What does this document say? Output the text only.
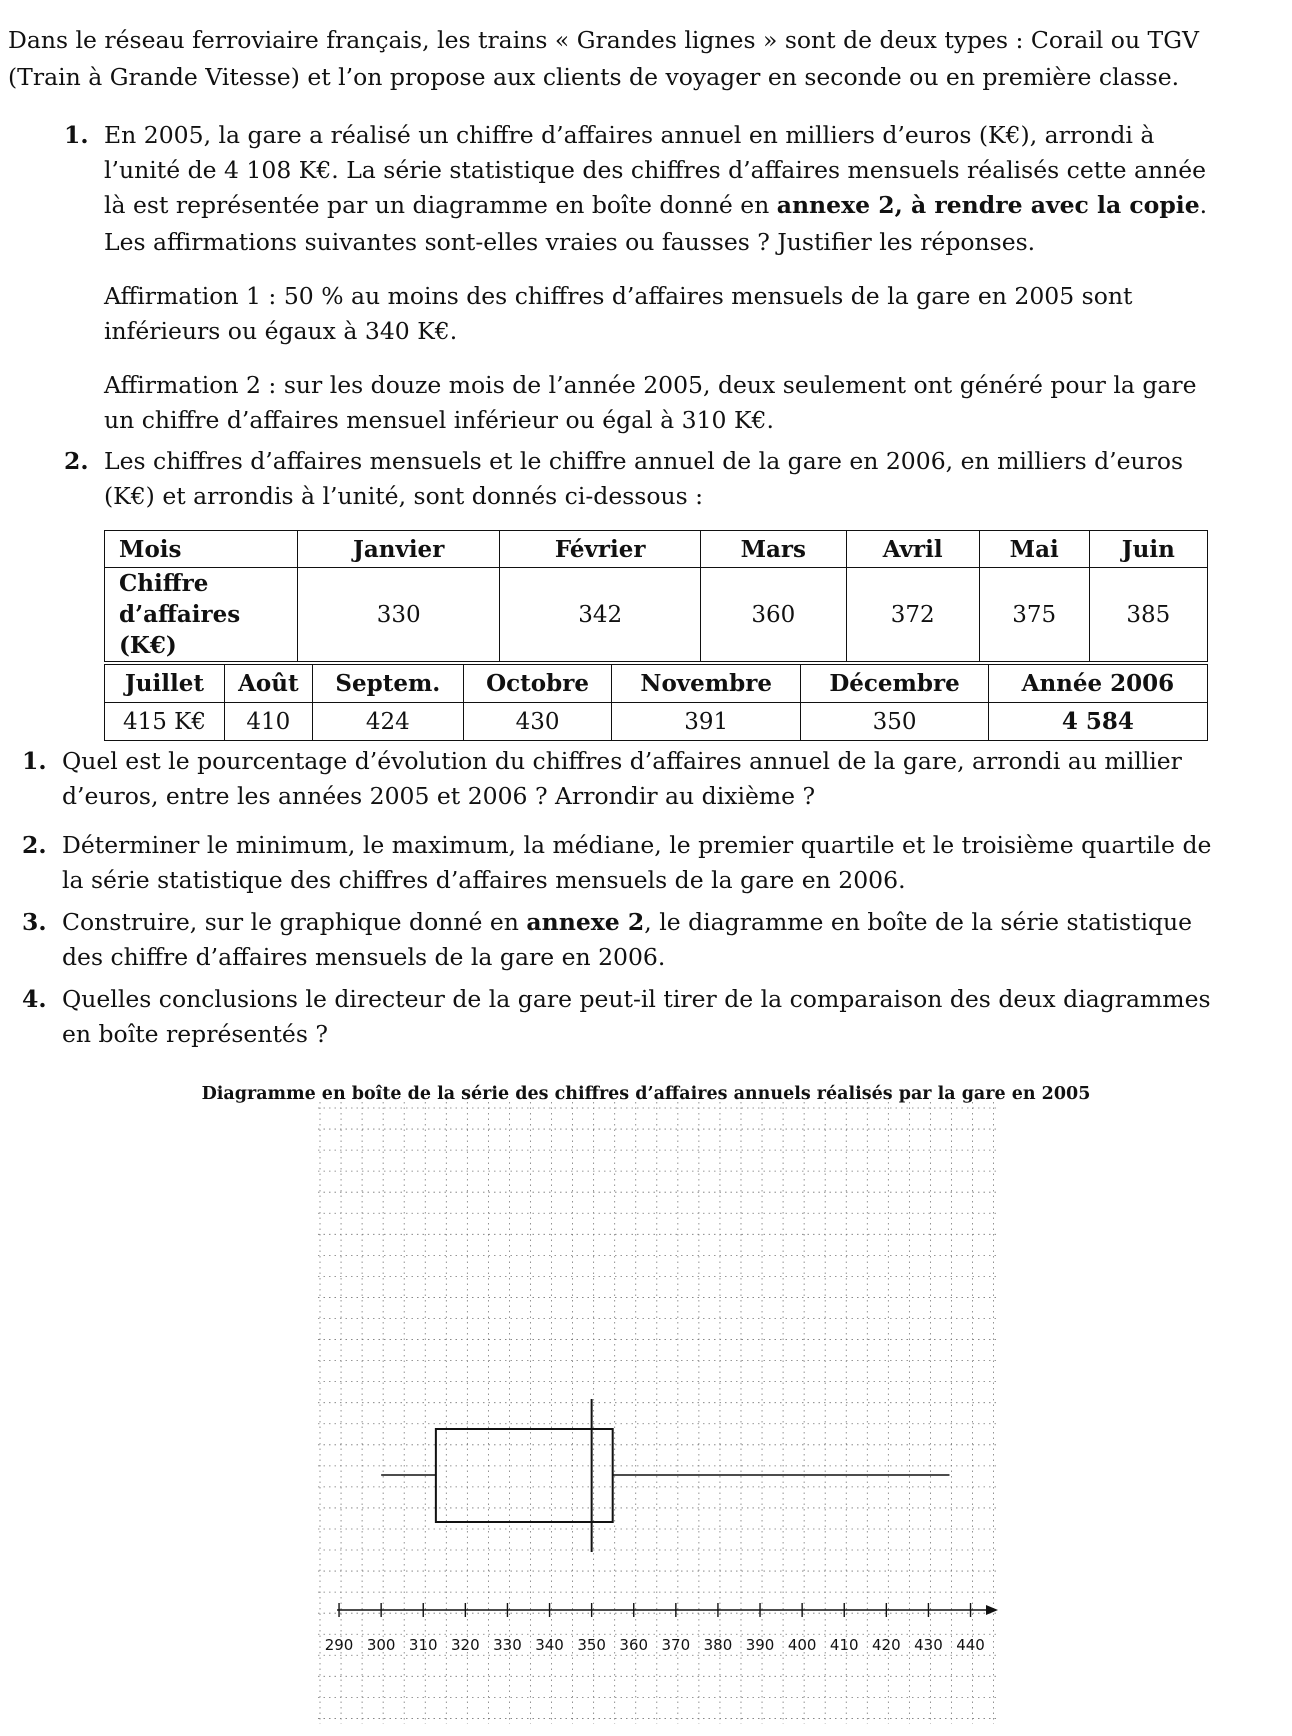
Dans le réseau ferroviaire français, les trains « Grandes lignes » sont de deux types : Corail ou TGV (Train à Grande Vitesse) et l’on propose aux clients de voyager en seconde ou en première classe.

1. En 2005, la gare a réalisé un chiffre d’affaires annuel en milliers d’euros (K€), arrondi à l’unité de 4 108 K€. La série statistique des chiffres d’affaires mensuels réalisés cette année là est représentée par un diagramme en boîte donné en annexe 2, à rendre avec la copie.

Les affirmations suivantes sont-elles vraies ou fausses ? Justifier les réponses.

Affirmation 1 : 50 % au moins des chiffres d’affaires mensuels de la gare en 2005 sont inférieurs ou égaux à 340 K€.

Affirmation 2 : sur les douze mois de l’année 2005, deux seulement ont généré pour la gare un chiffre d’affaires mensuel inférieur ou égal à 310 K€.

2. Les chiffres d’affaires mensuels et le chiffre annuel de la gare en 2006, en milliers d’euros (K€) et arrondis à l’unité, sont donnés ci-dessous :

Mois	Janvier	Février	Mars	Avril	Mai	Juin
Chiffre d’affaires (K€)	330	342	360	372	375	385
Juillet	Août	Septem.	Octobre	Novembre	Décembre	Année 2006
415 K€	410	424	430	391	350	4 584
1. Quel est le pourcentage d’évolution du chiffres d’affaires annuel de la gare, arrondi au millier d’euros, entre les années 2005 et 2006 ? Arrondir au dixième ?

2. Déterminer le minimum, le maximum, la médiane, le premier quartile et le troisième quartile de la série statistique des chiffres d’affaires mensuels de la gare en 2006.

3. Construire, sur le graphique donné en annexe 2, le diagramme en boîte de la série statistique des chiffre d’affaires mensuels de la gare en 2006.

4. Quelles conclusions le directeur de la gare peut-il tirer de la comparaison des deux diagrammes en boîte représentés ?

Diagramme en boîte de la série des chiffres d’affaires annuels réalisés par la gare en 2005
290 300 310 320 330 340 350 360 370 380 390 400 410 420 430 440
